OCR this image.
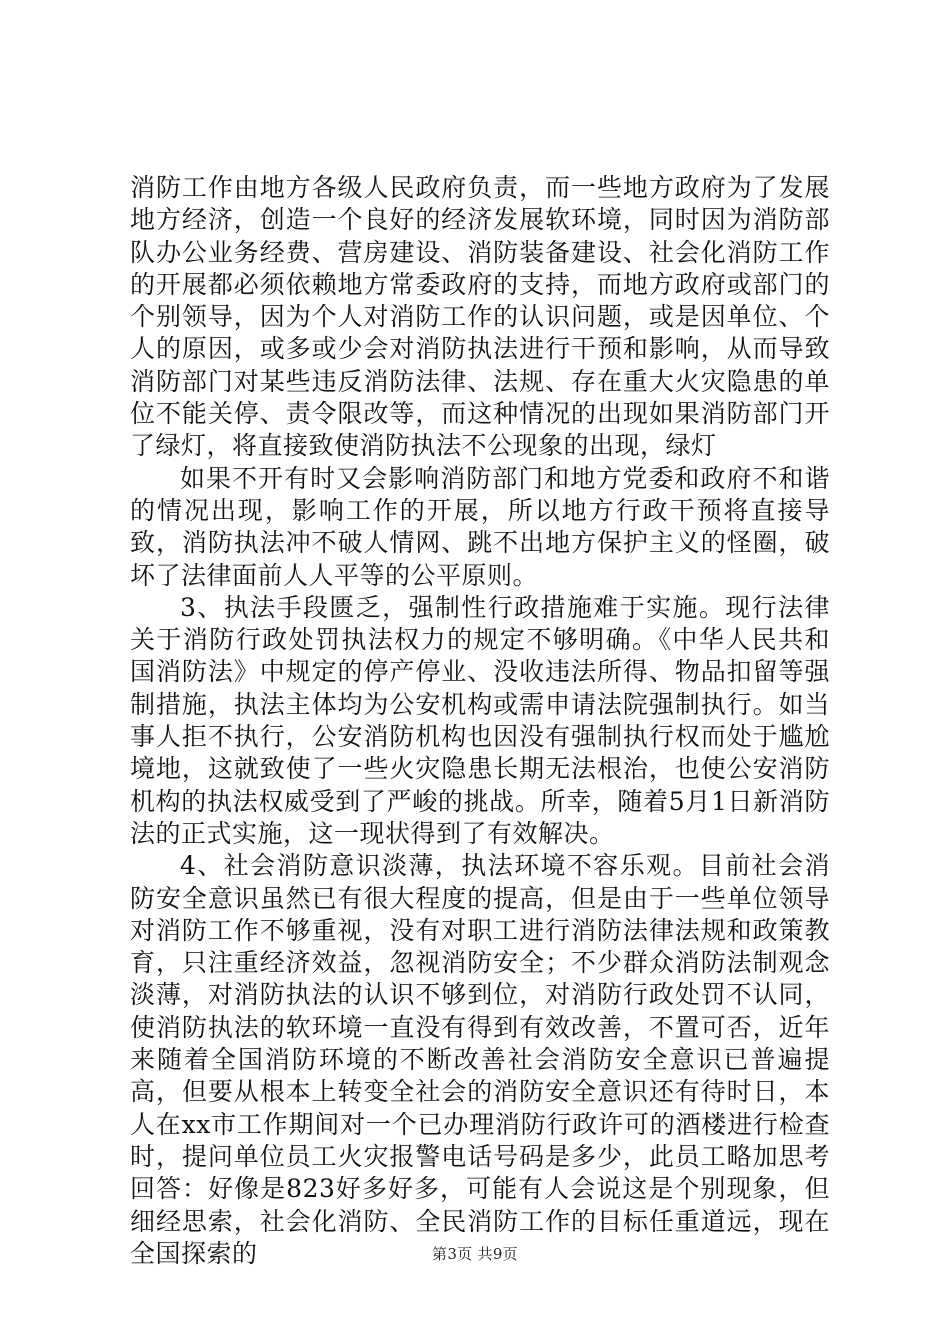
消防工作由地方各级人民政府负责，而一些地方政府为了发展地方经济，创造一个良好的经济发展软环境，同时因为消防部队办公业务经费、营房建设、消防装备建设、社会化消防工作的开展都必须依赖地方常委政府的支持，而地方政府或部门的个别领导，因为个人对消防工作的认识问题，或是因单位、个人的原因，或多或少会对消防执法进行干预和影响，从而导致消防部门对某些违反消防法律、法规、存在重大火灾隐患的单位不能关停、责令限改等，而这种情况的出现如果消防部门开了绿灯，将直接致使消防执法不公现象的出现，绿灯

如果不开有时又会影响消防部门和地方党委和政府不和谐的情况出现，影响工作的开展，所以地方行政干预将直接导致，消防执法冲不破人情网、跳不出地方保护主义的怪圈，破坏了法律面前人人平等的公平原则。

3、执法手段匮乏，强制性行政措施难于实施。现行法律关于消防行政处罚执法权力的规定不够明确。《中华人民共和国消防法》中规定的停产停业、没收违法所得、物品扣留等强制措施，执法主体均为公安机构或需申请法院强制执行。如当事人拒不执行，公安消防机构也因没有强制执行权而处于尴尬境地，这就致使了一些火灾隐患长期无法根治，也使公安消防机构的执法权威受到了严峻的挑战。所幸，随着5月1日新消防法的正式实施，这一现状得到了有效解决。

4、社会消防意识淡薄，执法环境不容乐观。目前社会消防安全意识虽然已有很大程度的提高，但是由于一些单位领导对消防工作不够重视，没有对职工进行消防法律法规和政策教育，只注重经济效益，忽视消防安全；不少群众消防法制观念淡薄，对消防执法的认识不够到位，对消防行政处罚不认同，使消防执法的软环境一直没有得到有效改善，不置可否，近年来随着全国消防环境的不断改善社会消防安全意识已普遍提高，但要从根本上转变全社会的消防安全意识还有待时日，本人在xx市工作期间对一个已办理消防行政许可的酒楼进行检查时，提问单位员工火灾报警电话号码是多少，此员工略加思考回答：好像是823好多好多，可能有人会说这是个别现象，但细经思索，社会化消防、全民消防工作的目标任重道远，现在全国探索的	第3页 共9页
